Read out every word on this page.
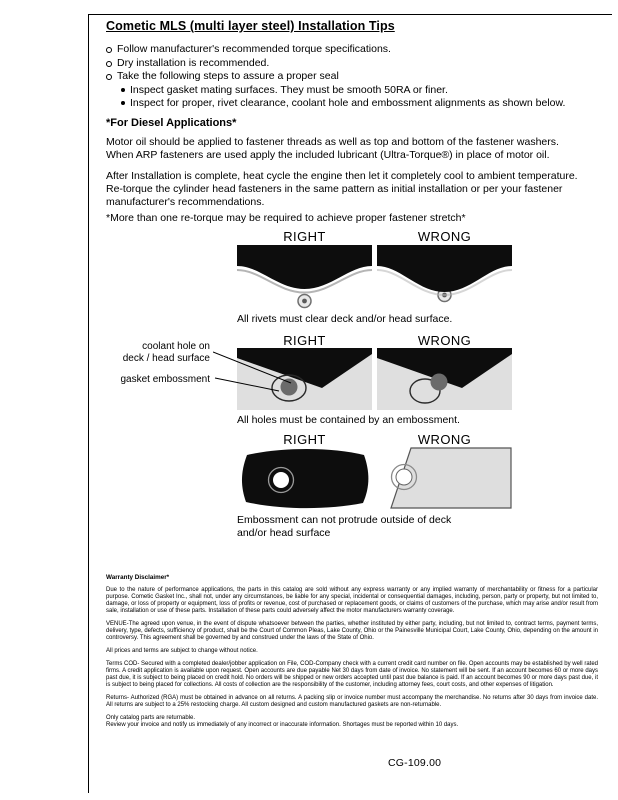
Cometic MLS (multi layer steel) Installation Tips
Follow manufacturer's recommended torque specifications.
Dry installation is recommended.
Take the following steps to assure a proper seal
Inspect gasket mating surfaces. They must be smooth 50RA or finer.
Inspect for proper, rivet clearance, coolant hole and embossment alignments as shown below.
*For Diesel Applications*
Motor oil should be applied to fastener threads as well as top and bottom of the fastener washers. When ARP fasteners are used apply the included lubricant (Ultra-Torque®) in place of motor oil.
After Installation is complete, heat cycle the engine then let it completely cool to ambient temperature. Re-torque the cylinder head fasteners in the same pattern as initial installation or per your fastener manufacturer's recommendations.
*More than one re-torque may be required to achieve proper fastener stretch*
RIGHT	WRONG
All rivets must clear deck and/or head surface.
RIGHT	WRONG
coolant hole on deck / head surface
gasket embossment
All holes must be contained by an embossment.
RIGHT	WRONG
Embossment can not protrude outside of deck and/or head surface

Warranty Disclaimer*

Due to the nature of performance applications, the parts in this catalog are sold without any express warranty or any implied warranty of merchantability or fitness for a particular purpose. Cometic Gasket Inc., shall not, under any circumstances, be liable for any special, incidental or consequential damages, including, person, party or property, but not limited to, damage, or loss of property or equipment, loss of profits or revenue, cost of purchased or replacement goods, or claims of customers of the purchase, which may arise and/or result from sale, installation or use of these parts. Installation of these parts could adversely affect the motor manufacturers warranty coverage.

VENUE-The agreed upon venue, in the event of dispute whatsoever between the parties, whether instituted by either party, including, but not limited to, contract terms, payment terms, delivery, type, defects, sufficiency of product, shall be the Court of Common Pleas, Lake County, Ohio or the Painesville Municipal Court, Lake County, Ohio, depending on the amount in controversy. This agreement shall be governed by and construed under the laws of the State of Ohio.

All prices and terms are subject to change without notice.

Terms COD- Secured with a completed dealer/jobber application on File, COD-Company check with a current credit card number on file. Open accounts may be established by well rated firms. A credit application is available upon request. Open accounts are due payable Net 30 days from date of invoice. No statement will be sent. If an account becomes 60 or more days past due, it is subject to being placed on credit hold. No orders will be shipped or new orders accepted until past due balance is paid. If an account becomes 90 or more days past due, it is subject to being placed for collections. All costs of collection are the responsibility of the customer, including attorney fees, court costs, and other expenses of litigation.

Returns- Authorized (RGA) must be obtained in advance on all returns. A packing slip or invoice number must accompany the merchandise. No returns after 30 days from invoice date. All returns are subject to a 25% restocking charge. All custom designed and custom manufactured gaskets are non-returnable.

Only catalog parts are returnable.

Review your invoice and notify us immediately of any incorrect or inaccurate information. Shortages must be reported within 10 days.

CG-109.00
